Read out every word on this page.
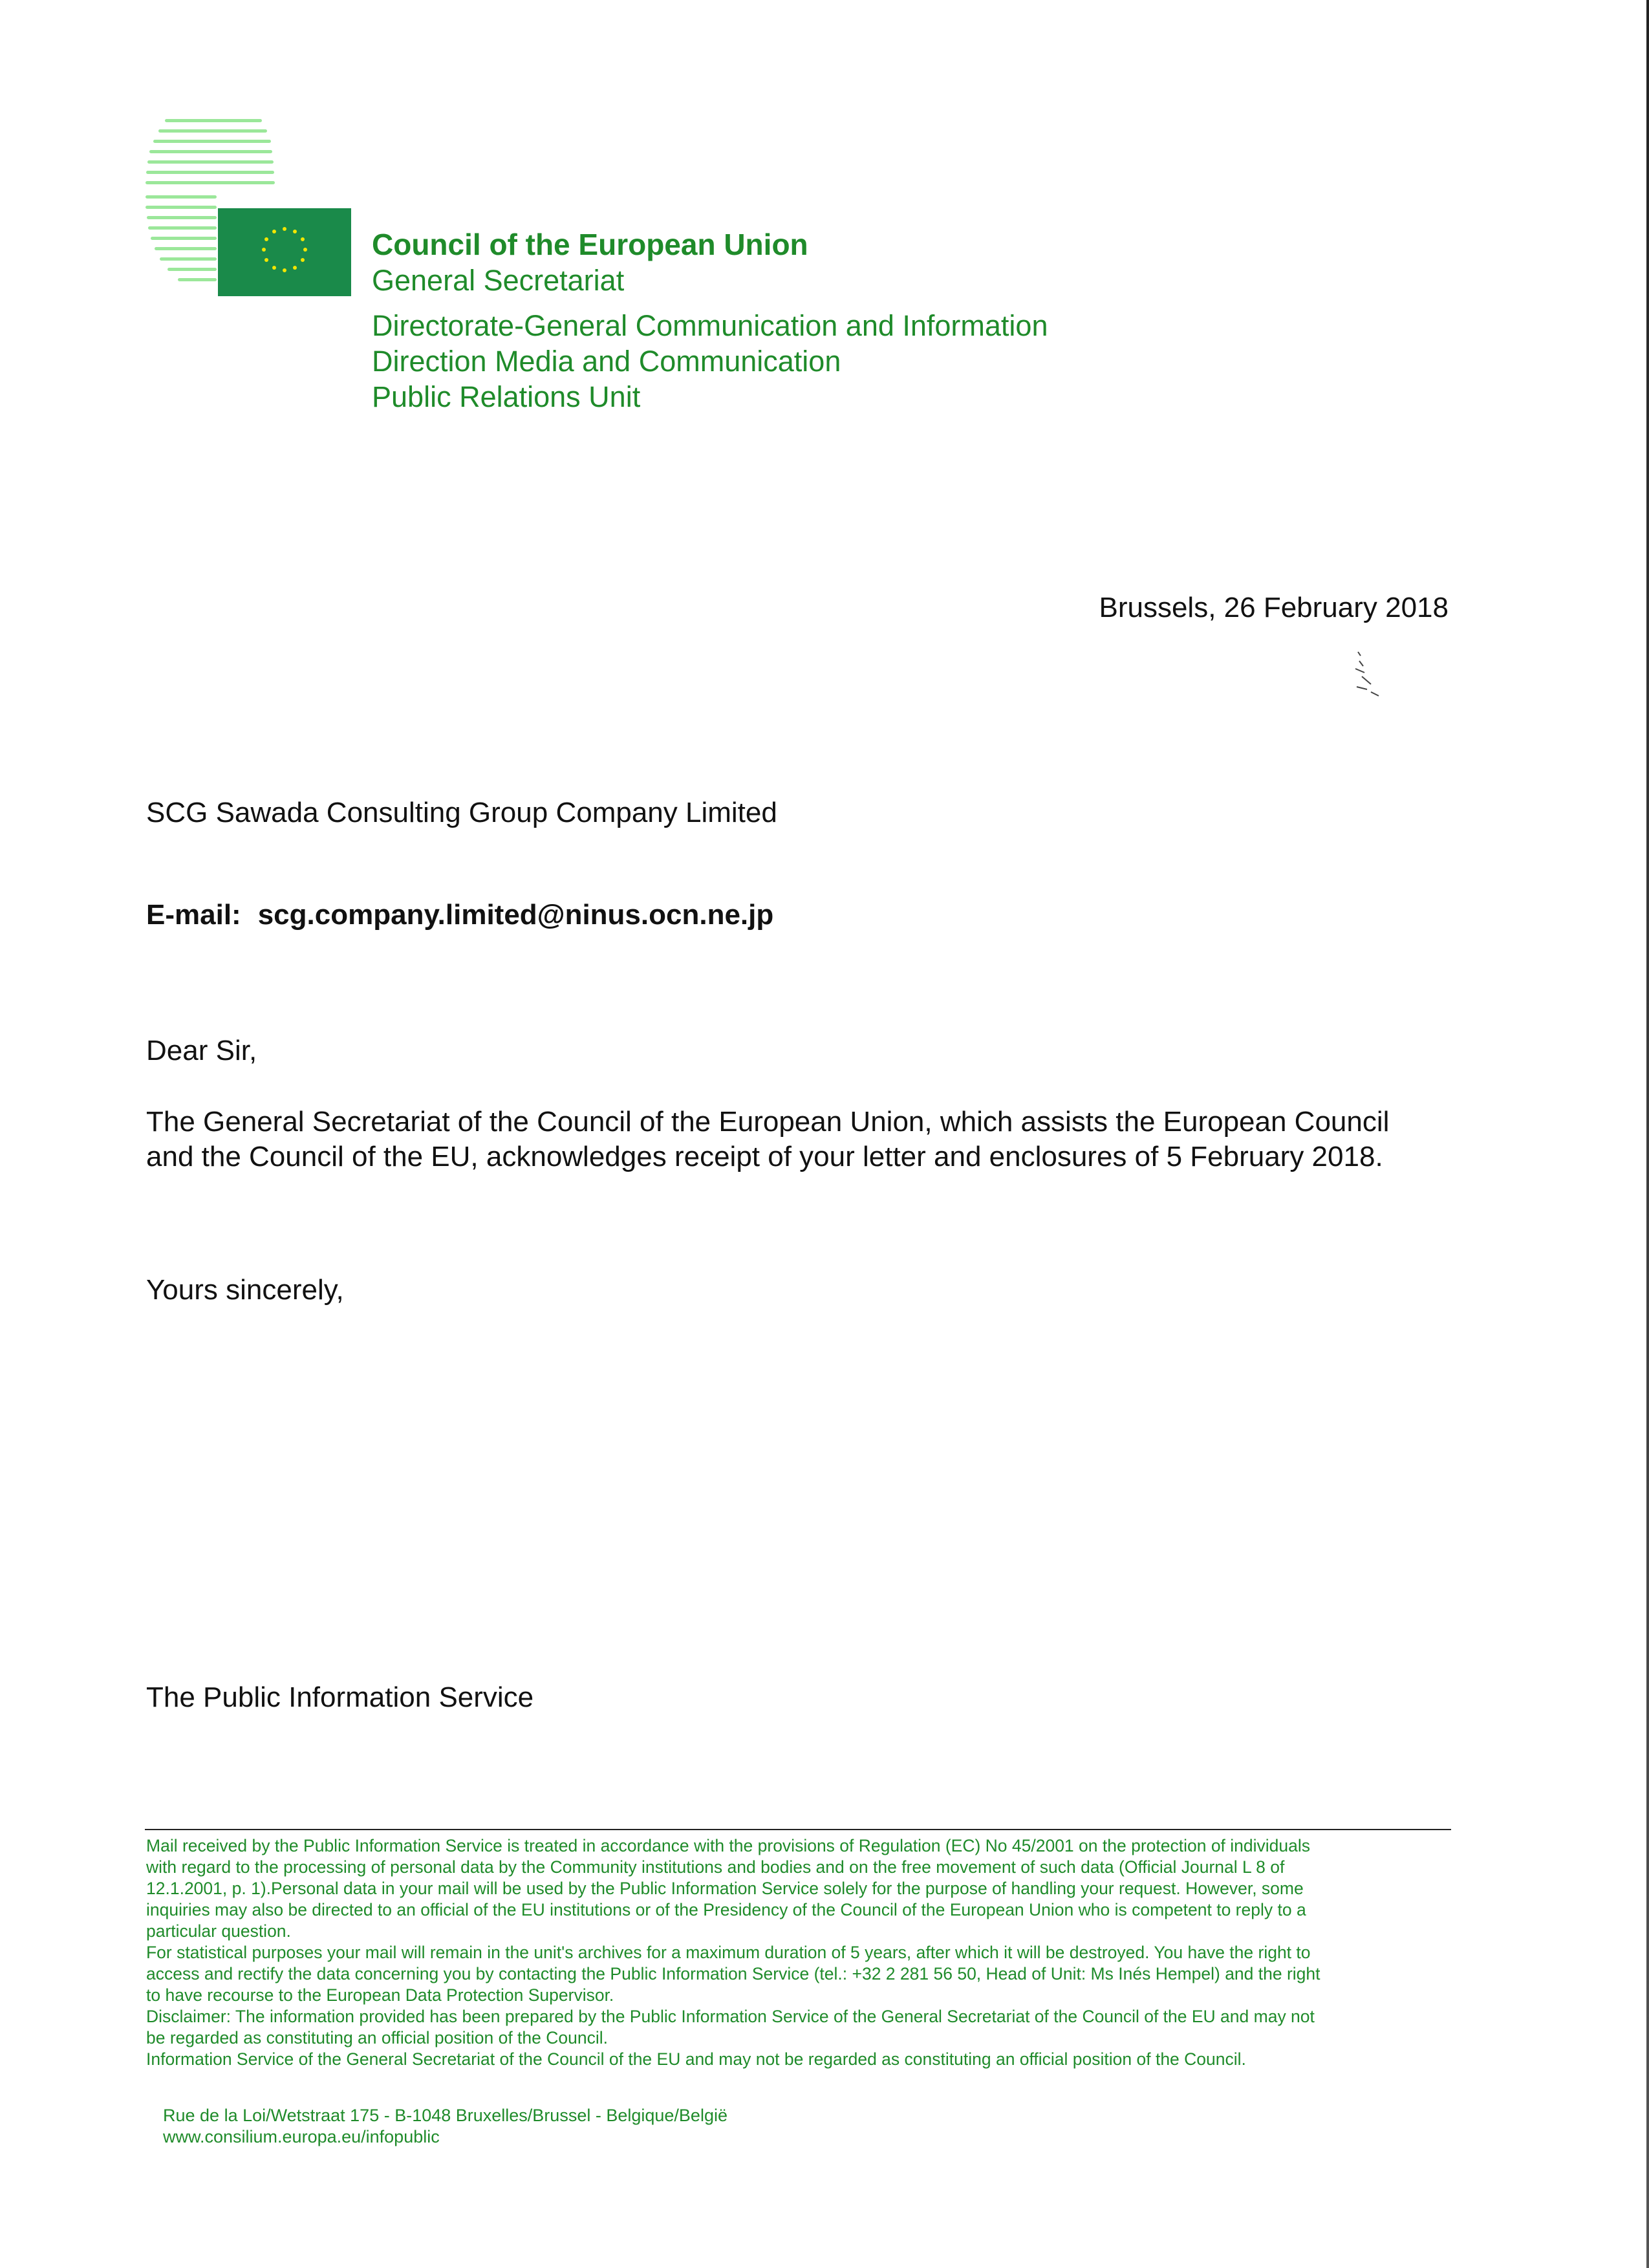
Council of the European Union
General Secretariat
Directorate-General Communication and Information
Direction Media and Communication
Public Relations Unit
Brussels, 26 February 2018
SCG Sawada Consulting Group Company Limited
E-mail: scg.company.limited@ninus.ocn.ne.jp
Dear Sir,
The General Secretariat of the Council of the European Union, which assists the European Council
and the Council of the EU, acknowledges receipt of your letter and enclosures of 5 February 2018.
Yours sincerely,
The Public Information Service
Mail received by the Public Information Service is treated in accordance with the provisions of Regulation (EC) No 45/2001 on the protection of individuals
with regard to the processing of personal data by the Community institutions and bodies and on the free movement of such data (Official Journal L 8 of
12.1.2001, p. 1).Personal data in your mail will be used by the Public Information Service solely for the purpose of handling your request. However, some
inquiries may also be directed to an official of the EU institutions or of the Presidency of the Council of the European Union who is competent to reply to a
particular question.
For statistical purposes your mail will remain in the unit's archives for a maximum duration of 5 years, after which it will be destroyed. You have the right to
access and rectify the data concerning you by contacting the Public Information Service (tel.: +32 2 281 56 50, Head of Unit: Ms Inés Hempel) and the right
to have recourse to the European Data Protection Supervisor.
Disclaimer: The information provided has been prepared by the Public Information Service of the General Secretariat of the Council of the EU and may not
be regarded as constituting an official position of the Council.
Information Service of the General Secretariat of the Council of the EU and may not be regarded as constituting an official position of the Council.
Rue de la Loi/Wetstraat 175 - B-1048 Bruxelles/Brussel - Belgique/België
www.consilium.europa.eu/infopublic
